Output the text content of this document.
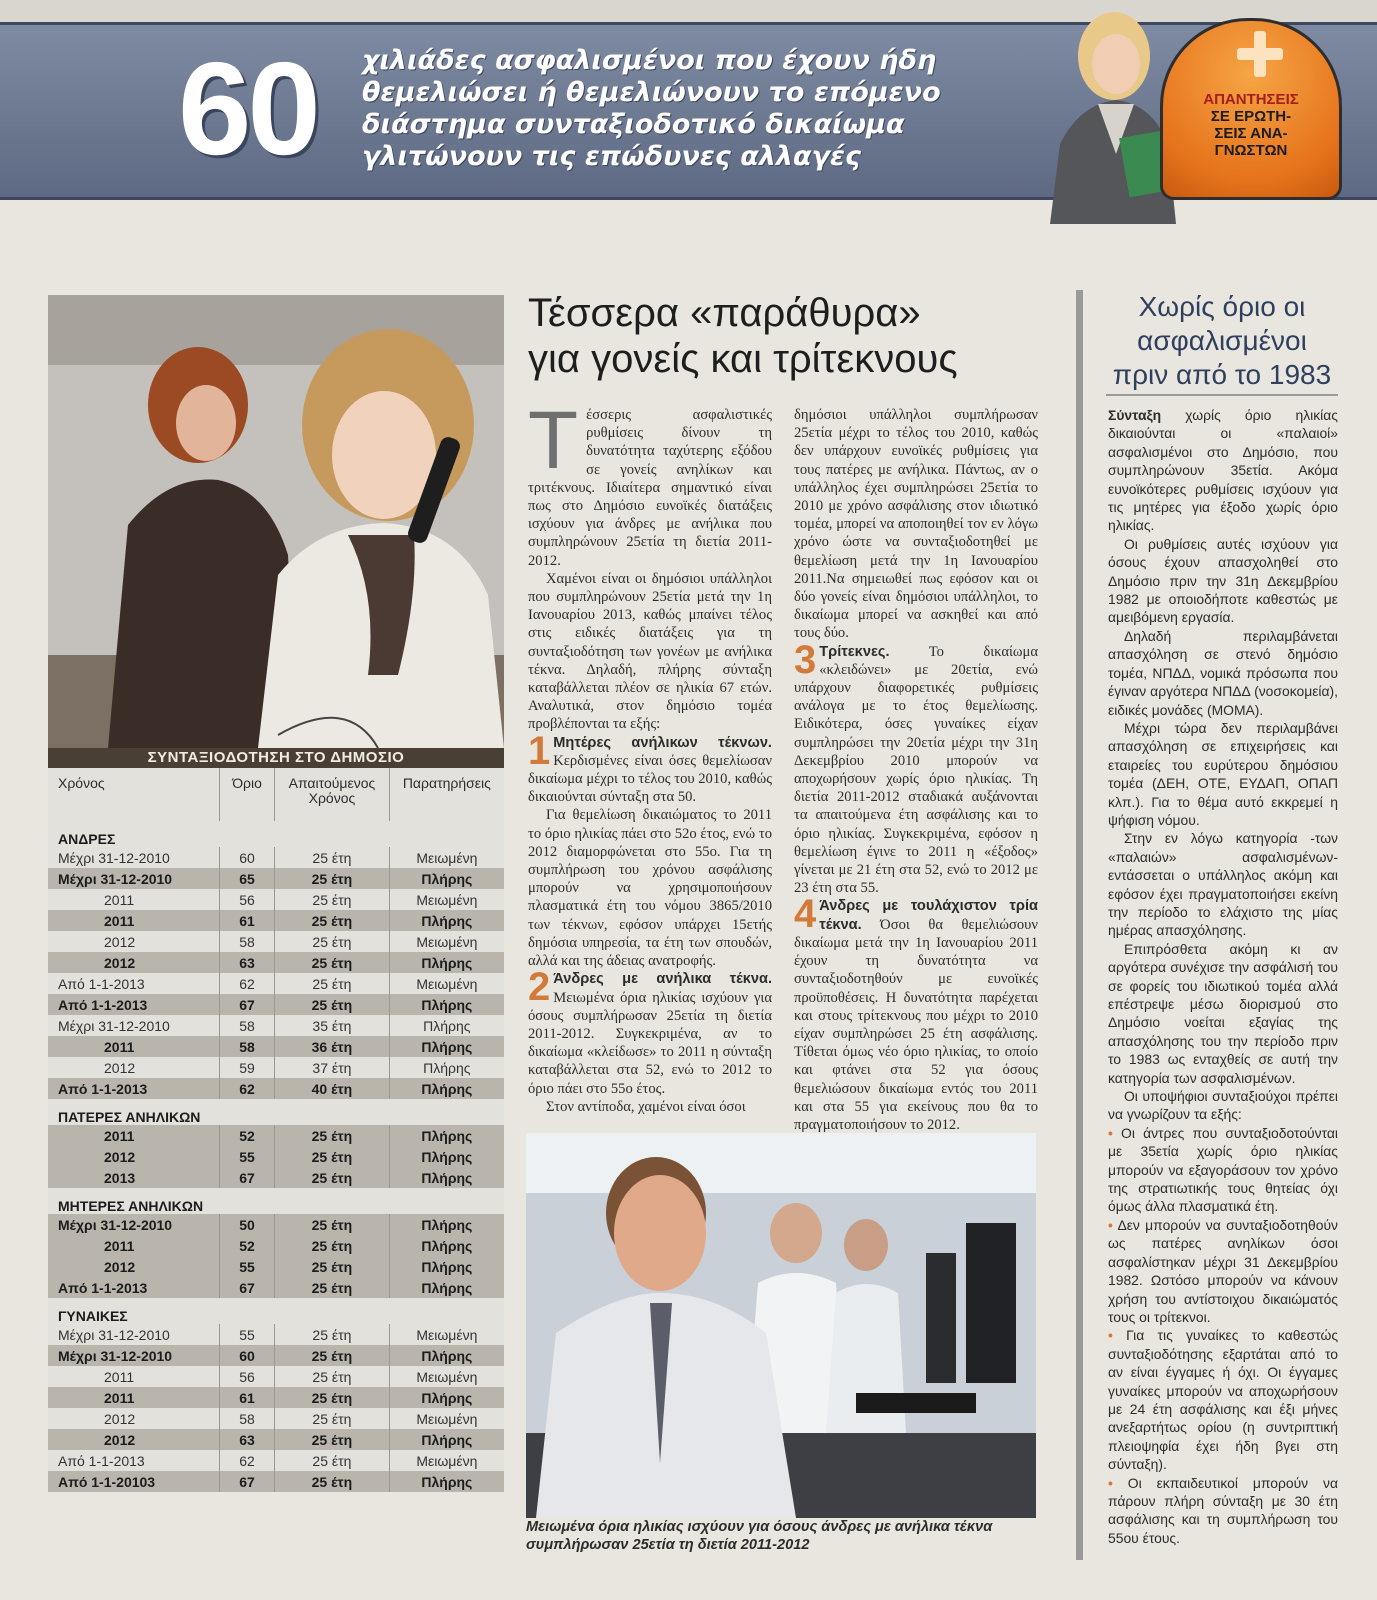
60 χιλιάδες ασφαλισμένοι που έχουν ήδη
θεμελιώσει ή θεμελιώνουν το επόμενο
διάστημα συνταξιοδοτικό δικαίωμα
γλιτώνουν τις επώδυνες αλλαγές
ΑΠΑΝΤΗΣΕΙΣ
ΣΕ ΕΡΩΤΗ-
ΣΕΙΣ ΑΝΑ-
ΓΝΩΣΤΩΝ
ΣΥΝΤΑΞΙΟΔΟΤΗΣΗ ΣΤΟ ΔΗΜΟΣΙΟ
Χρόνος	Όριο	Απαιτούμενος Χρόνος	Παρατηρήσεις
ΑΝΔΡΕΣ			
Μέχρι 31-12-2010	60	25 έτη	Μειωμένη
Μέχρι 31-12-2010	65	25 έτη	Πλήρης
2011	56	25 έτη	Μειωμένη
2011	61	25 έτη	Πλήρης
2012	58	25 έτη	Μειωμένη
2012	63	25 έτη	Πλήρης
Από 1-1-2013	62	25 έτη	Μειωμένη
Από 1-1-2013	67	25 έτη	Πλήρης
Μέχρι 31-12-2010	58	35 έτη	Πλήρης
2011	58	36 έτη	Πλήρης
2012	59	37 έτη	Πλήρης
Από 1-1-2013	62	40 έτη	Πλήρης
ΠΑΤΕΡΕΣ ΑΝΗΛΙΚΩΝ			
2011	52	25 έτη	Πλήρης
2012	55	25 έτη	Πλήρης
2013	67	25 έτη	Πλήρης
ΜΗΤΕΡΕΣ ΑΝΗΛΙΚΩΝ			
Μέχρι 31-12-2010	50	25 έτη	Πλήρης
2011	52	25 έτη	Πλήρης
2012	55	25 έτη	Πλήρης
Από 1-1-2013	67	25 έτη	Πλήρης
ΓΥΝΑΙΚΕΣ			
Μέχρι 31-12-2010	55	25 έτη	Μειωμένη
Μέχρι 31-12-2010	60	25 έτη	Πλήρης
2011	56	25 έτη	Μειωμένη
2011	61	25 έτη	Πλήρης
2012	58	25 έτη	Μειωμένη
2012	63	25 έτη	Πλήρης
Από 1-1-2013	62	25 έτη	Μειωμένη
Από 1-1-20103	67	25 έτη	Πλήρης
Τέσσερα «παράθυρα»
για γονείς και τρίτεκνους

Τέσσερις ασφαλιστικές ρυθμίσεις δίνουν τη δυνατότητα ταχύτερης εξόδου σε γονείς ανηλίκων και τριτέκνους. Ιδιαίτερα σημαντικό είναι πως στο Δημόσιο ευνοϊκές διατάξεις ισχύουν για άνδρες με ανήλικα που συμπληρώνουν 25ετία τη διετία 2011-2012.

Χαμένοι είναι οι δημόσιοι υπάλληλοι που συμπληρώνουν 25ετία μετά την 1η Ιανουαρίου 2013, καθώς μπαίνει τέλος στις ειδικές διατάξεις για τη συνταξιοδότηση των γονέων με ανήλικα τέκνα. Δηλαδή, πλήρης σύνταξη καταβάλλεται πλέον σε ηλικία 67 ετών. Αναλυτικά, στον δημόσιο τομέα προβλέπονται τα εξής:

1 Μητέρες ανήλικων τέκνων. Κερδισμένες είναι όσες θεμελίωσαν δικαίωμα μέχρι το τέλος του 2010, καθώς δικαιούνται σύνταξη στα 50.

Για θεμελίωση δικαιώματος το 2011 το όριο ηλικίας πάει στο 52ο έτος, ενώ το 2012 διαμορφώνεται στο 55ο. Για τη συμπλήρωση του χρόνου ασφάλισης μπορούν να χρησιμοποιήσουν πλασματικά έτη του νόμου 3865/2010 των τέκνων, εφόσον υπάρχει 15ετής δημόσια υπηρεσία, τα έτη των σπουδών, αλλά και της άδειας ανατροφής.

2 Άνδρες με ανήλικα τέκνα. Μειωμένα όρια ηλικίας ισχύουν για όσους συμπλήρωσαν 25ετία τη διετία 2011-2012. Συγκεκριμένα, αν το δικαίωμα «κλείδωσε» το 2011 η σύνταξη καταβάλλεται στα 52, ενώ το 2012 το όριο πάει στο 55ο έτος.

Στον αντίποδα, χαμένοι είναι όσοι

δημόσιοι υπάλληλοι συμπλήρωσαν 25ετία μέχρι το τέλος του 2010, καθώς δεν υπάρχουν ευνοϊκές ρυθμίσεις για τους πατέρες με ανήλικα. Πάντως, αν ο υπάλληλος έχει συμπληρώσει 25ετία το 2010 με χρόνο ασφάλισης στον ιδιωτικό τομέα, μπορεί να αποποιηθεί τον εν λόγω χρόνο ώστε να συνταξιοδοτηθεί με θεμελίωση μετά την 1η Ιανουαρίου 2011.Να σημειωθεί πως εφόσον και οι δύο γονείς είναι δημόσιοι υπάλληλοι, το δικαίωμα μπορεί να ασκηθεί και από τους δύο.

3 Τρίτεκνες.	Το δικαίωμα «κλειδώνει» με 20ετία, ενώ υπάρχουν διαφορετικές ρυθμίσεις ανάλογα με το έτος θεμελίωσης. Ειδικότερα, όσες γυναίκες είχαν συμπληρώσει την 20ετία μέχρι την 31η Δεκεμβρίου 2010 μπορούν να αποχωρήσουν χωρίς όριο ηλικίας. Τη διετία 2011-2012 σταδιακά αυξάνονται τα απαιτούμενα έτη ασφάλισης και το όριο ηλικίας. Συγκεκριμένα, εφόσον η θεμελίωση έγινε το 2011 η «έξοδος» γίνεται με 21 έτη στα 52, ενώ το 2012 με 23 έτη στα 55.

4 Άνδρες με τουλάχιστον τρία τέκνα. Όσοι θα θεμελιώσουν δικαίωμα μετά την 1η Ιανουαρίου 2011 έχουν τη δυνατότητα να συνταξιοδοτηθούν με ευνοϊκές προϋποθέσεις. Η δυνατότητα παρέχεται και στους τρίτεκνους που μέχρι το 2010 είχαν συμπληρώσει 25 έτη ασφάλισης. Τίθεται όμως νέο όριο ηλικίας, το οποίο και φτάνει στα 52 για όσους θεμελιώσουν δικαίωμα εντός του 2011 και στα 55 για εκείνους που θα το πραγματοποιήσουν το 2012.

Μειωμένα όρια ηλικίας ισχύουν για όσους άνδρες με ανήλικα τέκνα συμπλήρωσαν 25ετία τη διετία 2011-2012
Χωρίς όριο οι
ασφαλισμένοι
πριν από το 1983

Σύνταξη χωρίς όριο ηλικίας δικαιούνται οι «παλαιοί» ασφαλισμένοι στο Δημόσιο, που συμπληρώνουν 35ετία. Ακόμα ευνοϊκότερες ρυθμίσεις ισχύουν για τις μητέρες για έξοδο χωρίς όριο ηλικίας.

Οι ρυθμίσεις αυτές ισχύουν για όσους έχουν απασχοληθεί στο Δημόσιο πριν την 31η Δεκεμβρίου 1982 με οποιοδήποτε καθεστώς με αμειβόμενη εργασία.

Δηλαδή περιλαμβάνεται απασχόληση σε στενό δημόσιο τομέα, ΝΠΔΔ, νομικά πρόσωπα που έγιναν αργότερα ΝΠΔΔ (νοσοκομεία), ειδικές μονάδες (ΜΟΜΑ).

Μέχρι τώρα δεν περιλαμβάνει απασχόληση σε επιχειρήσεις και εταιρείες του ευρύτερου δημόσιου τομέα (ΔΕΗ, ΟΤΕ, ΕΥΔΑΠ, ΟΠΑΠ κλπ.). Για το θέμα αυτό εκκρεμεί η ψήφιση νόμου.

Στην εν λόγω κατηγορία -των «παλαιών» ασφαλισμένων- εντάσσεται ο υπάλληλος ακόμη και εφόσον έχει πραγματοποιήσει εκείνη την περίοδο το ελάχιστο της μίας ημέρας απασχόλησης.

Επιπρόσθετα ακόμη κι αν αργότερα συνέχισε την ασφάλισή του σε φορείς του ιδιωτικού τομέα αλλά επέστρεψε μέσω διορισμού στο Δημόσιο νοείται εξαγίας της απασχόλησης του την περίοδο πριν το 1983 ως ενταχθείς σε αυτή την κατηγορία των ασφαλισμένων.

Οι υποψήφιοι συνταξιούχοι πρέπει να γνωρίζουν τα εξής:

• Οι άντρες που συνταξιοδοτούνται με 35ετία χωρίς όριο ηλικίας μπορούν να εξαγοράσουν τον χρόνο της στρατιωτικής τους θητείας όχι όμως άλλα πλασματικά έτη.

• Δεν μπορούν να συνταξιοδοτηθούν ως πατέρες ανηλίκων όσοι ασφαλίστηκαν μέχρι 31 Δεκεμβρίου 1982. Ωστόσο μπορούν να κάνουν χρήση του αντίστοιχου δικαιώματός τους οι τρίτεκνοι.

• Για τις γυναίκες το καθεστώς συνταξιοδότησης εξαρτάται από το αν είναι έγγαμες ή όχι. Οι έγγαμες γυναίκες μπορούν να αποχωρήσουν με 24 έτη ασφάλισης και έξι μήνες ανεξαρτήτως ορίου (η συντριπτική πλειοψηφία έχει ήδη βγει στη σύνταξη).

• Οι εκπαιδευτικοί μπορούν να πάρουν πλήρη σύνταξη με 30 έτη ασφάλισης και τη συμπλήρωση του 55ου έτους.
